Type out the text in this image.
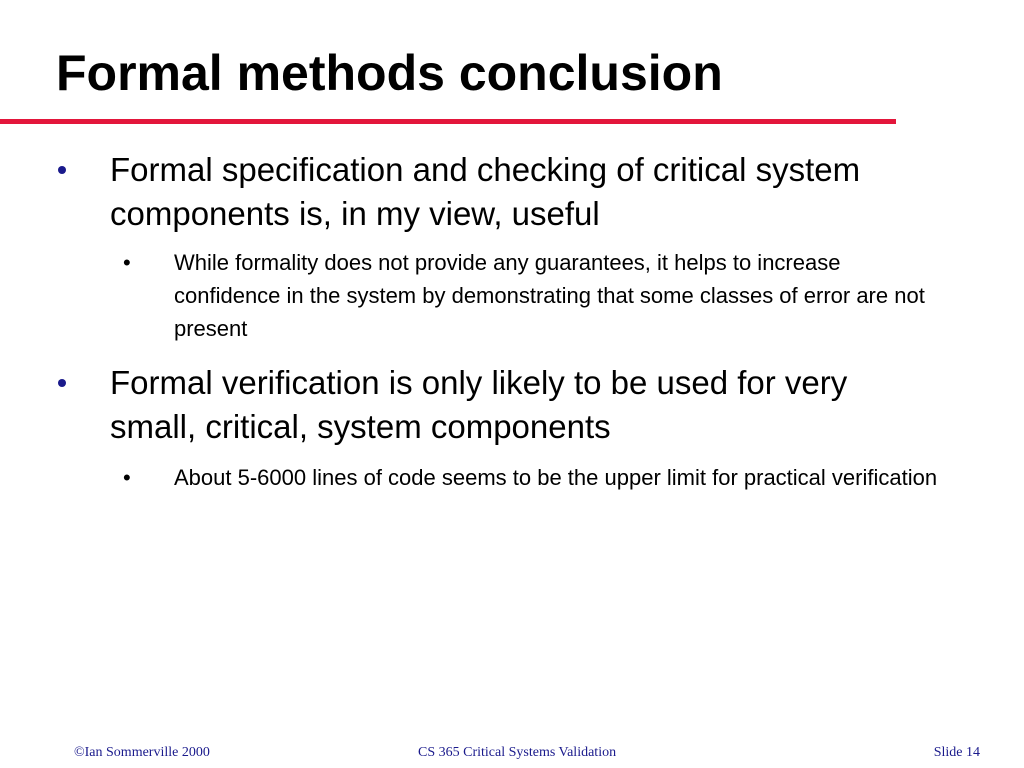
Formal methods conclusion
Formal specification and checking of critical system components is, in my view, useful
• While formality does not provide any guarantees, it helps to increase confidence in the system by demonstrating that some classes of error are not present
Formal verification is only likely to be used for very small, critical, system components
• About 5-6000 lines of code seems to be the upper limit for practical verification
©Ian Sommerville 2000	CS 365 Critical Systems Validation	Slide 14
